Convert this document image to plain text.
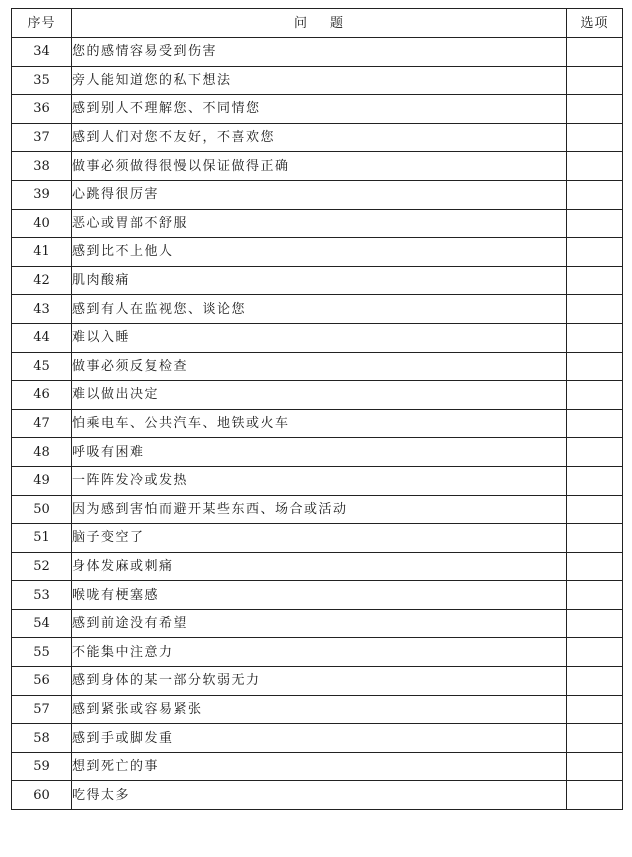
序号	问 题	选项
34	您的感情容易受到伤害	
35	旁人能知道您的私下想法	
36	感到别人不理解您、不同情您	
37	感到人们对您不友好，不喜欢您	
38	做事必须做得很慢以保证做得正确	
39	心跳得很厉害	
40	恶心或胃部不舒服	
41	感到比不上他人	
42	肌肉酸痛	
43	感到有人在监视您、谈论您	
44	难以入睡	
45	做事必须反复检查	
46	难以做出决定	
47	怕乘电车、公共汽车、地铁或火车	
48	呼吸有困难	
49	一阵阵发冷或发热	
50	因为感到害怕而避开某些东西、场合或活动	
51	脑子变空了	
52	身体发麻或刺痛	
53	喉咙有梗塞感	
54	感到前途没有希望	
55	不能集中注意力	
56	感到身体的某一部分软弱无力	
57	感到紧张或容易紧张	
58	感到手或脚发重	
59	想到死亡的事	
60	吃得太多	
